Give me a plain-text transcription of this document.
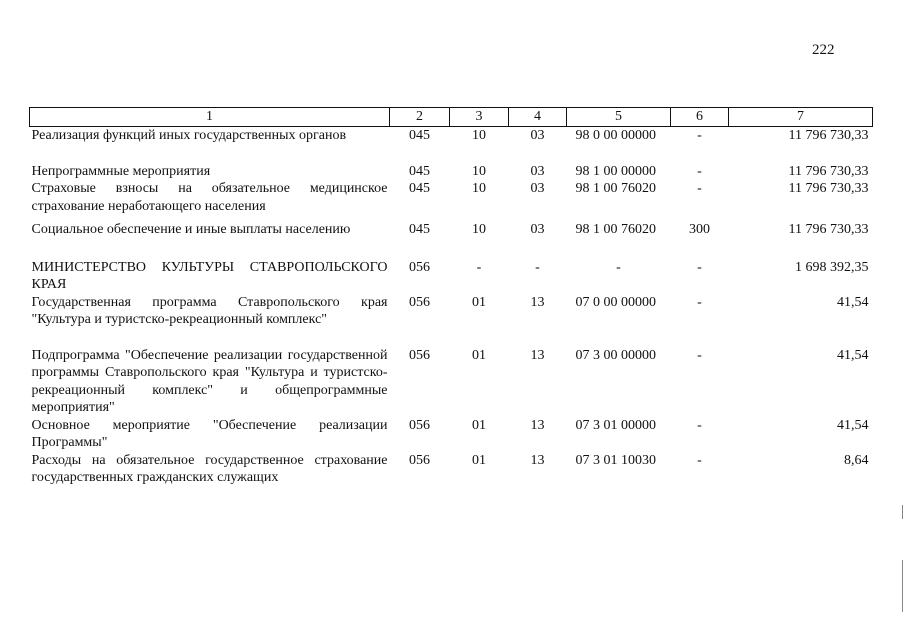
222
1	2	3	4	5	6	7
Реализация функций иных государственных органов	045	10	03	98 0 00 00000	-	11 796 730,33

Непрограммные мероприятия	045	10	03	98 1 00 00000	-	11 796 730,33
Страховые взносы на обязательное медицинское страхование неработающего населения	045	10	03	98 1 00 76020	-	11 796 730,33

Социальное обеспечение и иные выплаты населению	045	10	03	98 1 00 76020	300	11 796 730,33

МИНИСТЕРСТВО КУЛЬТУРЫ СТАВРОПОЛЬСКОГО КРАЯ	056	-	-	-	-	1 698 392,35
Государственная программа Ставропольского края "Культура и туристско-рекреационный комплекс"	056	01	13	07 0 00 00000	-	41,54

Подпрограмма "Обеспечение реализации государственной программы Ставропольского края "Культура и туристско-рекреационный комплекс" и общепрограммные мероприятия"	056	01	13	07 3 00 00000	-	41,54
Основное мероприятие "Обеспечение реализации Программы"	056	01	13	07 3 01 00000	-	41,54
Расходы на обязательное государственное страхование государственных гражданских служащих	056	01	13	07 3 01 10030	-	8,64
